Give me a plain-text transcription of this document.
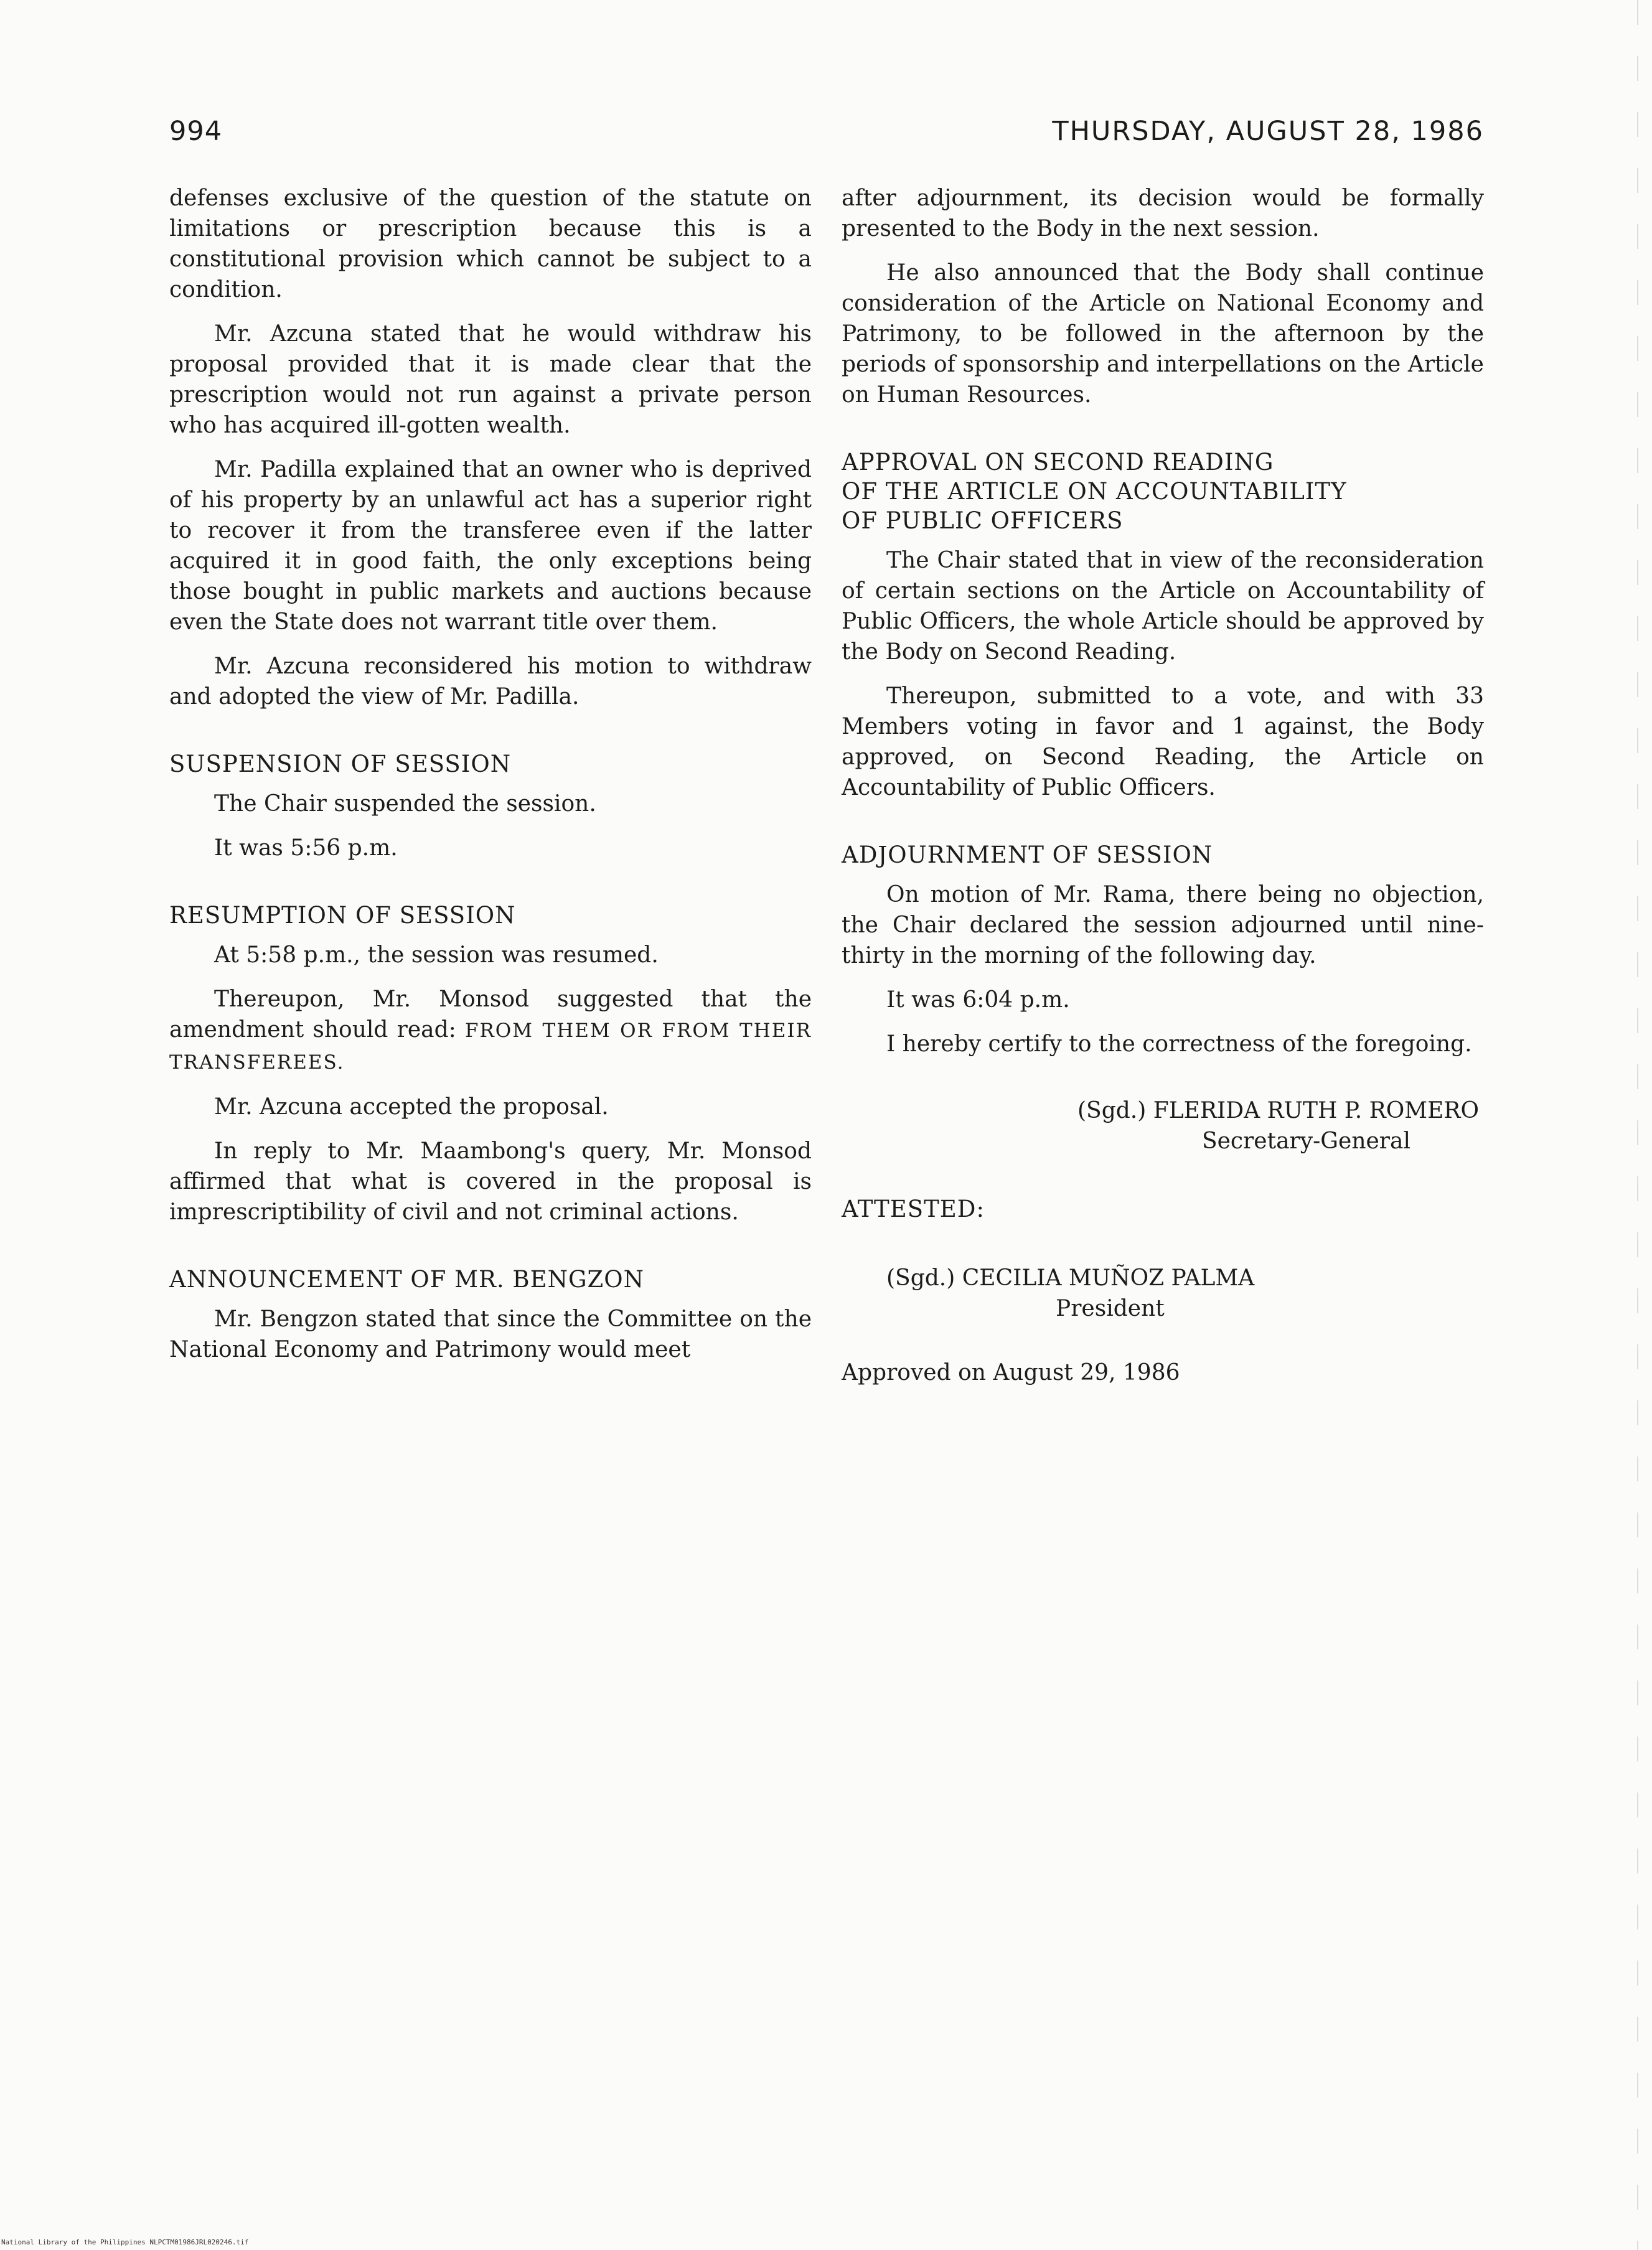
994	THURSDAY, AUGUST 28, 1986

defenses exclusive of the question of the statute on limitations or prescription because this is a constitutional provision which cannot be subject to a condition.

Mr. Azcuna stated that he would withdraw his proposal provided that it is made clear that the prescription would not run against a private person who has acquired ill-gotten wealth.

Mr. Padilla explained that an owner who is deprived of his property by an unlawful act has a superior right to recover it from the transferee even if the latter acquired it in good faith, the only exceptions being those bought in public markets and auctions because even the State does not warrant title over them.

Mr. Azcuna reconsidered his motion to withdraw and adopted the view of Mr. Padilla.

SUSPENSION OF SESSION

The Chair suspended the session.

It was 5:56 p.m.

RESUMPTION OF SESSION

At 5:58 p.m., the session was resumed.

Thereupon, Mr. Monsod suggested that the amendment should read: FROM THEM OR FROM THEIR TRANSFEREES.

Mr. Azcuna accepted the proposal.

In reply to Mr. Maambong's query, Mr. Monsod affirmed that what is covered in the proposal is imprescriptibility of civil and not criminal actions.

ANNOUNCEMENT OF MR. BENGZON

Mr. Bengzon stated that since the Committee on the National Economy and Patrimony would meet

after adjournment, its decision would be formally presented to the Body in the next session.

He also announced that the Body shall continue consideration of the Article on National Economy and Patrimony, to be followed in the afternoon by the periods of sponsorship and interpellations on the Article on Human Resources.

APPROVAL ON SECOND READING
OF THE ARTICLE ON ACCOUNTABILITY
OF PUBLIC OFFICERS

The Chair stated that in view of the reconsideration of certain sections on the Article on Accountability of Public Officers, the whole Article should be approved by the Body on Second Reading.

Thereupon, submitted to a vote, and with 33 Members voting in favor and 1 against, the Body approved, on Second Reading, the Article on Accountability of Public Officers.

ADJOURNMENT OF SESSION

On motion of Mr. Rama, there being no objection, the Chair declared the session adjourned until nine-thirty in the morning of the following day.

It was 6:04 p.m.

I hereby certify to the correctness of the foregoing.

(Sgd.) FLERIDA RUTH P. ROMERO
Secretary-General
ATTESTED:
(Sgd.) CECILIA MUÑOZ PALMA
President
Approved on August 29, 1986
National Library of the Philippines NLPCTM01986JRL020246.tif
